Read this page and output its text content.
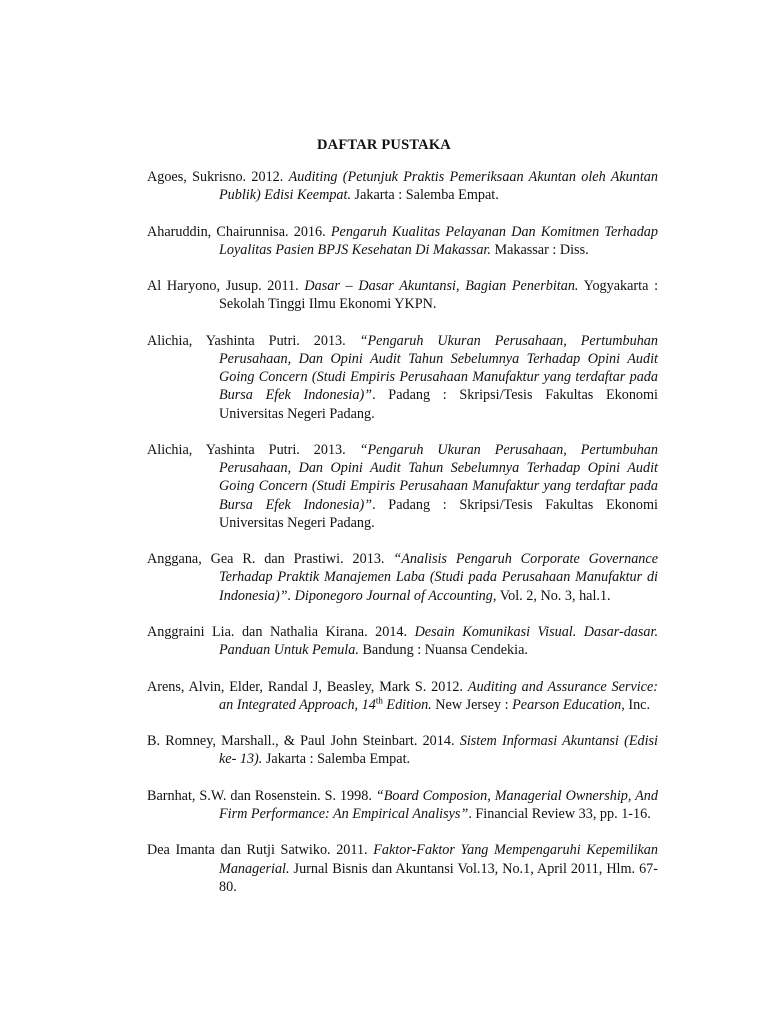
DAFTAR PUSTAKA

Agoes, Sukrisno. 2012. Auditing (Petunjuk Praktis Pemeriksaan Akuntan oleh Akuntan Publik) Edisi Keempat. Jakarta : Salemba Empat.

Aharuddin, Chairunnisa. 2016. Pengaruh Kualitas Pelayanan Dan Komitmen Terhadap Loyalitas Pasien BPJS Kesehatan Di Makassar. Makassar : Diss.

Al Haryono, Jusup. 2011. Dasar – Dasar Akuntansi, Bagian Penerbitan. Yogyakarta : Sekolah Tinggi Ilmu Ekonomi YKPN.

Alichia, Yashinta Putri. 2013. “Pengaruh Ukuran Perusahaan, Pertumbuhan Perusahaan, Dan Opini Audit Tahun Sebelumnya Terhadap Opini Audit Going Concern (Studi Empiris Perusahaan Manufaktur yang terdaftar pada Bursa Efek Indonesia)”. Padang : Skripsi/Tesis Fakultas Ekonomi Universitas Negeri Padang.

Alichia, Yashinta Putri. 2013. “Pengaruh Ukuran Perusahaan, Pertumbuhan Perusahaan, Dan Opini Audit Tahun Sebelumnya Terhadap Opini Audit Going Concern (Studi Empiris Perusahaan Manufaktur yang terdaftar pada Bursa Efek Indonesia)”. Padang : Skripsi/Tesis Fakultas Ekonomi Universitas Negeri Padang.

Anggana, Gea R. dan Prastiwi. 2013. “Analisis Pengaruh Corporate Governance Terhadap Praktik Manajemen Laba (Studi pada Perusahaan Manufaktur di Indonesia)”. Diponegoro Journal of Accounting, Vol. 2, No. 3, hal.1.

Anggraini Lia. dan Nathalia Kirana. 2014. Desain Komunikasi Visual. Dasar-dasar. Panduan Untuk Pemula. Bandung : Nuansa Cendekia.

Arens, Alvin, Elder, Randal J, Beasley, Mark S. 2012. Auditing and Assurance Service: an Integrated Approach, 14th Edition. New Jersey : Pearson Education, Inc.

B. Romney, Marshall., & Paul John Steinbart. 2014. Sistem Informasi Akuntansi (Edisi ke- 13). Jakarta : Salemba Empat.

Barnhat, S.W. dan Rosenstein. S. 1998. “Board Composion, Managerial Ownership, And Firm Performance: An Empirical Analisys”. Financial Review 33, pp. 1-16.

Dea Imanta dan Rutji Satwiko. 2011. Faktor-Faktor Yang Mempengaruhi Kepemilikan Managerial. Jurnal Bisnis dan Akuntansi Vol.13, No.1, April 2011, Hlm. 67-80.
